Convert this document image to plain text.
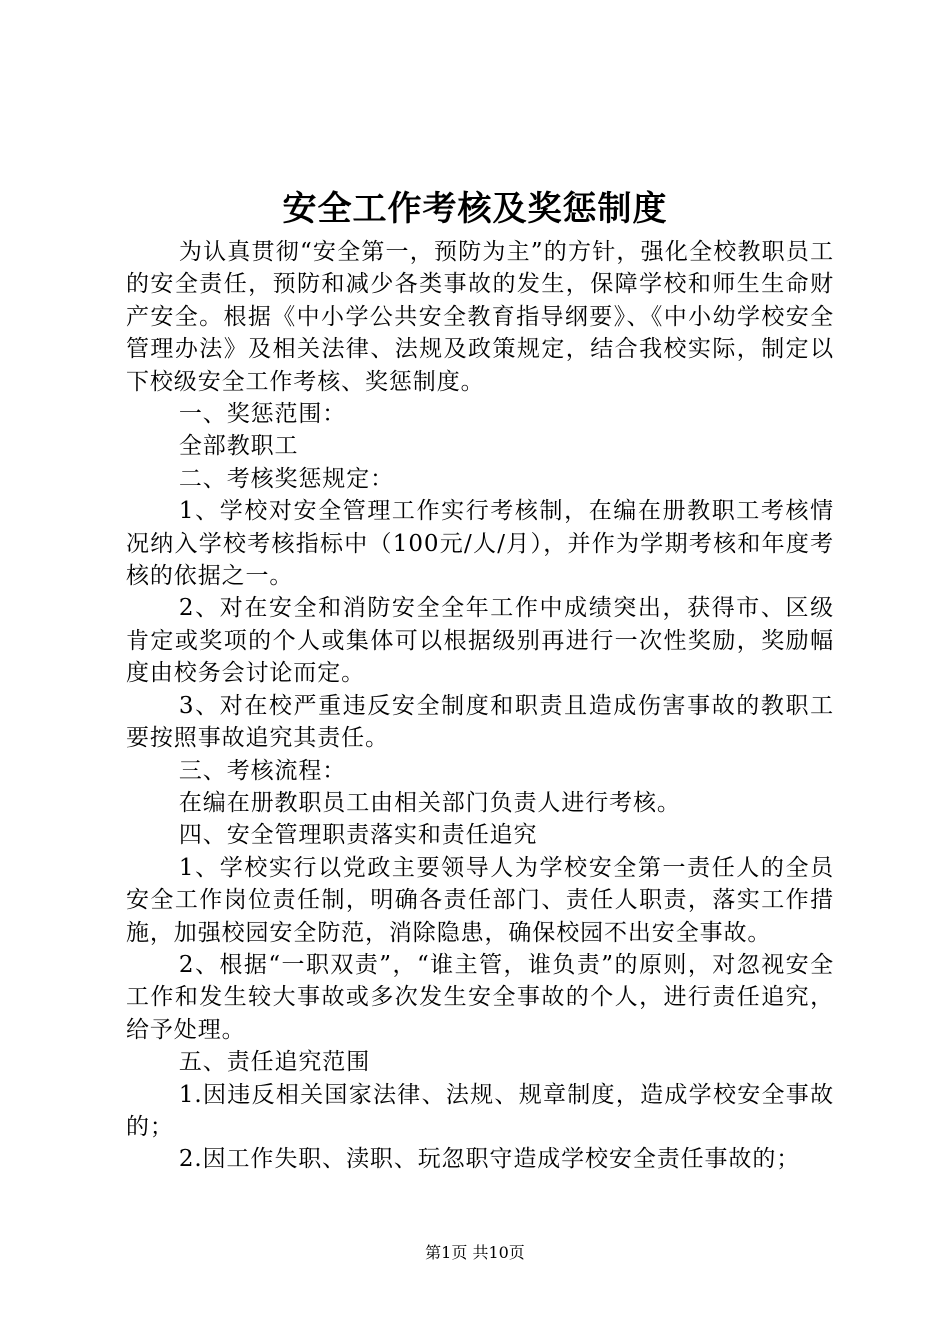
安全工作考核及奖惩制度

为认真贯彻“安全第一，预防为主”的方针，强化全校教职员工的安全责任，预防和减少各类事故的发生，保障学校和师生生命财产安全。根据《中小学公共安全教育指导纲要》、《中小幼学校安全管理办法》及相关法律、法规及政策规定，结合我校实际，制定以下校级安全工作考核、奖惩制度。

一、奖惩范围：

全部教职工

二、考核奖惩规定：

1、学校对安全管理工作实行考核制，在编在册教职工考核情况纳入学校考核指标中（100元/人/月），并作为学期考核和年度考核的依据之一。

2、对在安全和消防安全全年工作中成绩突出，获得市、区级肯定或奖项的个人或集体可以根据级别再进行一次性奖励，奖励幅度由校务会讨论而定。

3、对在校严重违反安全制度和职责且造成伤害事故的教职工要按照事故追究其责任。

三、考核流程：

在编在册教职员工由相关部门负责人进行考核。

四、安全管理职责落实和责任追究

1、学校实行以党政主要领导人为学校安全第一责任人的全员安全工作岗位责任制，明确各责任部门、责任人职责，落实工作措施，加强校园安全防范，消除隐患，确保校园不出安全事故。

2、根据“一职双责”，“谁主管，谁负责”的原则，对忽视安全工作和发生较大事故或多次发生安全事故的个人，进行责任追究，给予处理。

五、责任追究范围

1.因违反相关国家法律、法规、规章制度，造成学校安全事故的；

2.因工作失职、渎职、玩忽职守造成学校安全责任事故的；

第1页 共10页
